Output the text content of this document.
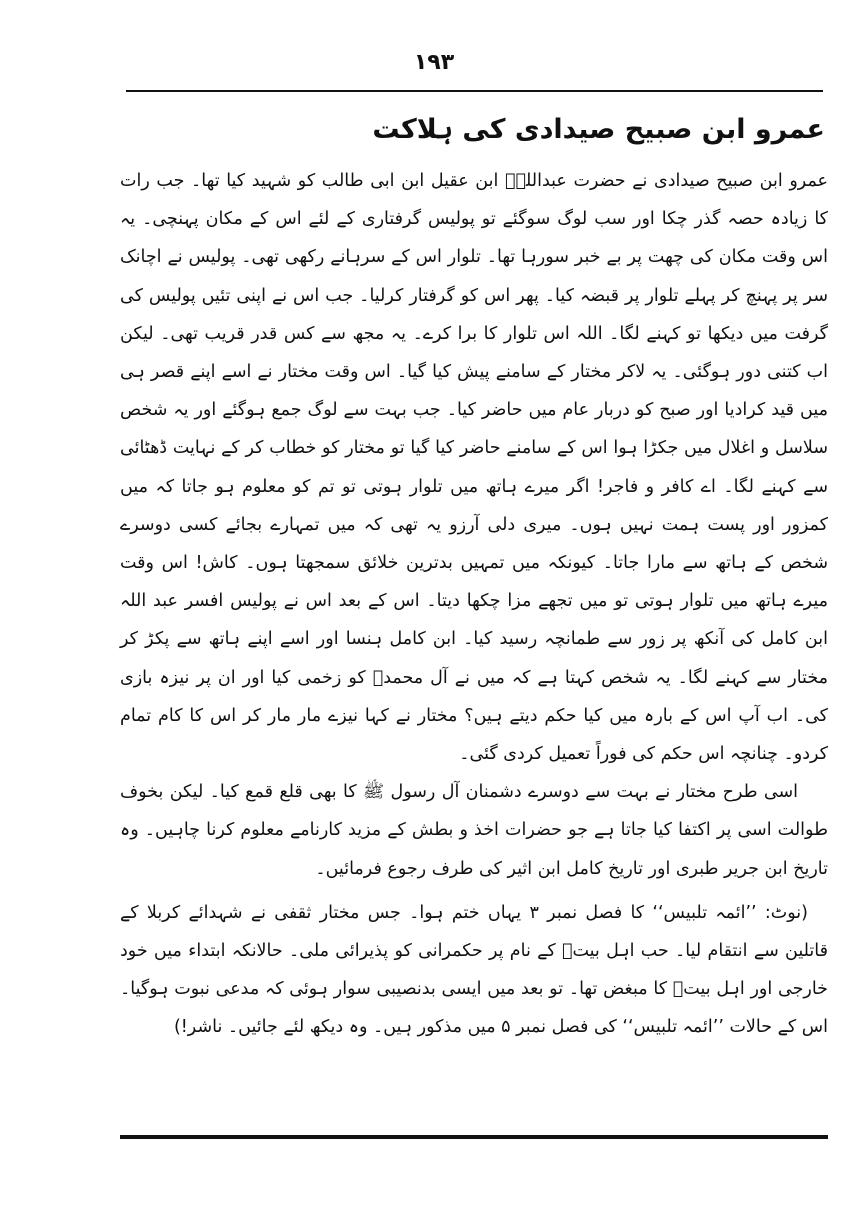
۱۹۳
عمرو ابن صبیح صیدادی کی ہلاکت

عمرو ابن صبیح صیدادی نے حضرت عبداللہؑ ابن عقیل ابن ابی طالب کو شہید کیا تھا۔ جب رات کا زیادہ حصہ گذر چکا اور سب لوگ سوگئے تو پولیس گرفتاری کے لئے اس کے مکان پہنچی۔ یہ اس وقت مکان کی چھت پر بے خبر سورہا تھا۔ تلوار اس کے سرہانے رکھی تھی۔ پولیس نے اچانک سر پر پہنچ کر پہلے تلوار پر قبضہ کیا۔ پھر اس کو گرفتار کرلیا۔ جب اس نے اپنی تئیں پولیس کی گرفت میں دیکھا تو کہنے لگا۔ اللہ اس تلوار کا برا کرے۔ یہ مجھ سے کس قدر قریب تھی۔ لیکن اب کتنی دور ہوگئی۔ یہ لاکر مختار کے سامنے پیش کیا گیا۔ اس وقت مختار نے اسے اپنے قصر ہی میں قید کرادیا اور صبح کو دربار عام میں حاضر کیا۔ جب بہت سے لوگ جمع ہوگئے اور یہ شخص سلاسل و اغلال میں جکڑا ہوا اس کے سامنے حاضر کیا گیا تو مختار کو خطاب کر کے نہایت ڈھٹائی سے کہنے لگا۔ اے کافر و فاجر! اگر میرے ہاتھ میں تلوار ہوتی تو تم کو معلوم ہو جاتا کہ میں کمزور اور پست ہمت نہیں ہوں۔ میری دلی آرزو یہ تھی کہ میں تمہارے بجائے کسی دوسرے شخص کے ہاتھ سے مارا جاتا۔ کیونکہ میں تمہیں بدترین خلائق سمجھتا ہوں۔ کاش! اس وقت میرے ہاتھ میں تلوار ہوتی تو میں تجھے مزا چکھا دیتا۔ اس کے بعد اس نے پولیس افسر عبد اللہ ابن کامل کی آنکھ پر زور سے طمانچہ رسید کیا۔ ابن کامل ہنسا اور اسے اپنے ہاتھ سے پکڑ کر مختار سے کہنے لگا۔ یہ شخص کہتا ہے کہ میں نے آل محمدؐ کو زخمی کیا اور ان پر نیزہ بازی کی۔ اب آپ اس کے بارہ میں کیا حکم دیتے ہیں؟ مختار نے کہا نیزے مار مار کر اس کا کام تمام کردو۔ چنانچہ اس حکم کی فوراً تعمیل کردی گئی۔

اسی طرح مختار نے بہت سے دوسرے دشمنان آل رسول ﷺ کا بھی قلع قمع کیا۔ لیکن بخوف طوالت اسی پر اکتفا کیا جاتا ہے جو حضرات اخذ و بطش کے مزید کارنامے معلوم کرنا چاہیں۔ وہ تاریخ ابن جریر طبری اور تاریخ کامل ابن اثیر کی طرف رجوع فرمائیں۔

(نوٹ: ’’ائمہ تلبیس‘‘ کا فصل نمبر ۳ یہاں ختم ہوا۔ جس مختار ثقفی نے شہدائے کربلا کے قاتلین سے انتقام لیا۔ حب اہل بیتؑ کے نام پر حکمرانی کو پذیرائی ملی۔ حالانکہ ابتداء میں خود خارجی اور اہل بیتؑ کا مبغض تھا۔ تو بعد میں ایسی بدنصیبی سوار ہوئی کہ مدعی نبوت ہوگیا۔ اس کے حالات ’’ائمہ تلبیس‘‘ کی فصل نمبر ۵ میں مذکور ہیں۔ وہ دیکھ لئے جائیں۔ ناشر!)
